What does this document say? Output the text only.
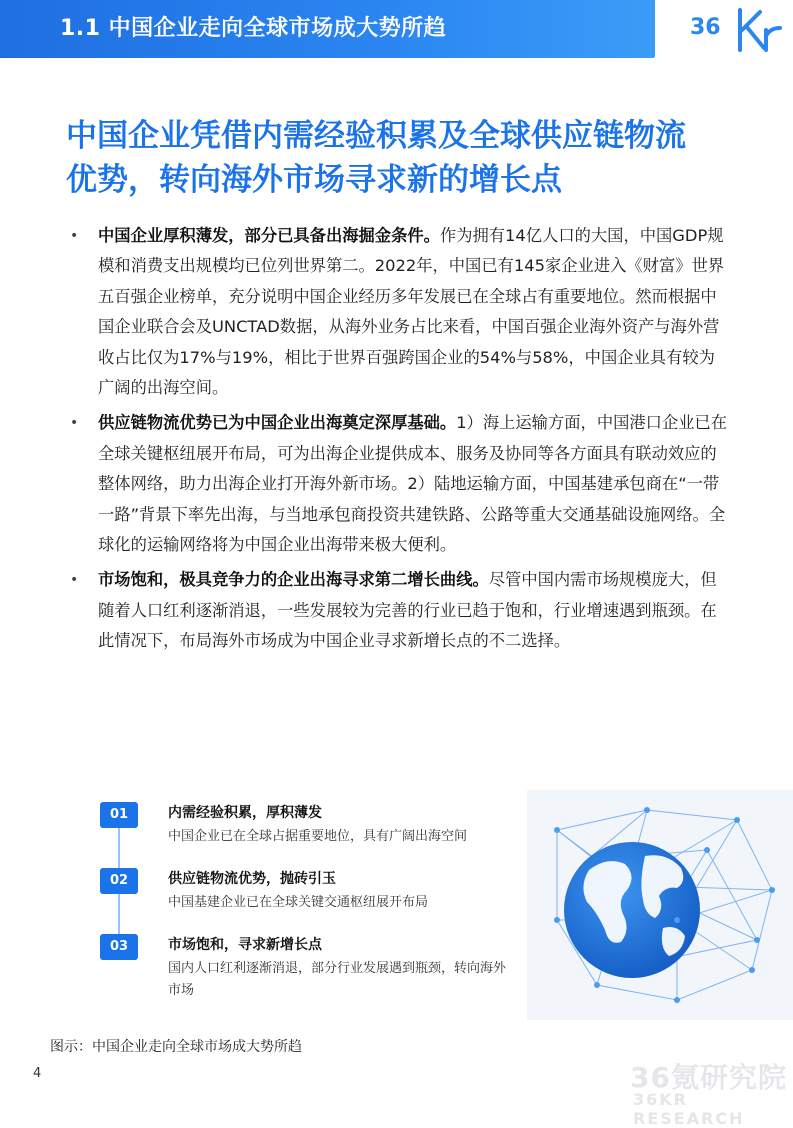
1.1 中国企业走向全球市场成大势所趋	36
中国企业凭借内需经验积累及全球供应链物流
优势，转向海外市场寻求新的增长点
• 中国企业厚积薄发，部分已具备出海掘金条件。作为拥有14亿人口的大国，中国GDP规模和消费支出规模均已位列世界第二。2022年，中国已有145家企业进入《财富》世界五百强企业榜单，充分说明中国企业经历多年发展已在全球占有重要地位。然而根据中国企业联合会及UNCTAD数据，从海外业务占比来看，中国百强企业海外资产与海外营收占比仅为17%与19%，相比于世界百强跨国企业的54%与58%，中国企业具有较为广阔的出海空间。
• 供应链物流优势已为中国企业出海奠定深厚基础。1）海上运输方面，中国港口企业已在全球关键枢纽展开布局，可为出海企业提供成本、服务及协同等各方面具有联动效应的整体网络，助力出海企业打开海外新市场。2）陆地运输方面，中国基建承包商在“一带一路”背景下率先出海，与当地承包商投资共建铁路、公路等重大交通基础设施网络。全球化的运输网络将为中国企业出海带来极大便利。
• 市场饱和，极具竞争力的企业出海寻求第二增长曲线。尽管中国内需市场规模庞大，但随着人口红利逐渐消退，一些发展较为完善的行业已趋于饱和，行业增速遇到瓶颈。在此情况下，布局海外市场成为中国企业寻求新增长点的不二选择。
01	内需经验积累，厚积薄发
中国企业已在全球占据重要地位，具有广阔出海空间
02	供应链物流优势，抛砖引玉
中国基建企业已在全球关键交通枢纽展开布局
03	市场饱和，寻求新增长点
国内人口红利逐渐消退，部分行业发展遇到瓶颈，转向海外市场
图示：中国企业走向全球市场成大势所趋
36氪研究院
36KR RESEARCH
4
